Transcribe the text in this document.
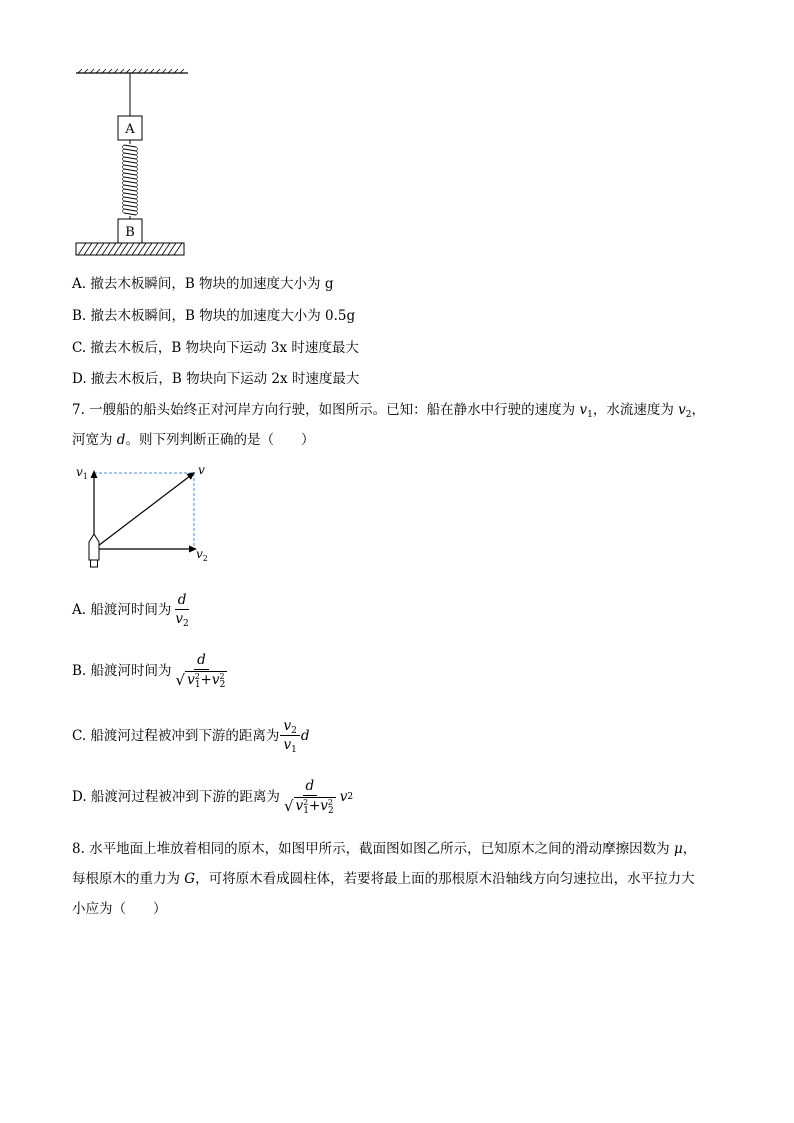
A
B
A. 撤去木板瞬间，B 物块的加速度大小为 g
B. 撤去木板瞬间，B 物块的加速度大小为 0.5g
C. 撤去木板后，B 物块向下运动 3x 时速度最大
D. 撤去木板后，B 物块向下运动 2x 时速度最大
7. 一艘船的船头始终正对河岸方向行驶，如图所示。已知：船在静水中行驶的速度为 $v_1$，水流速度为 $v_2$，
河宽为 d。则下列判断正确的是（　　）
$v_1$	v
$v_2$
A. 船渡河时间为 $\frac{d}{v_2}$
B. 船渡河时间为 $\frac{d}{√ v^2_1+v^2_2}$
C. 船渡河过程被冲到下游的距离为 $\frac{v_2}{v_1}$ d
D. 船渡河过程被冲到下游的距离为 $\frac{d}{√ v^2_1+v^2_2}$ v 2
8. 水平地面上堆放着相同的原木，如图甲所示，截面图如图乙所示，已知原木之间的滑动摩擦因数为 μ，
每根原木的重力为 G，可将原木看成圆柱体，若要将最上面的那根原木沿轴线方向匀速拉出，水平拉力大
小应为（　　）
